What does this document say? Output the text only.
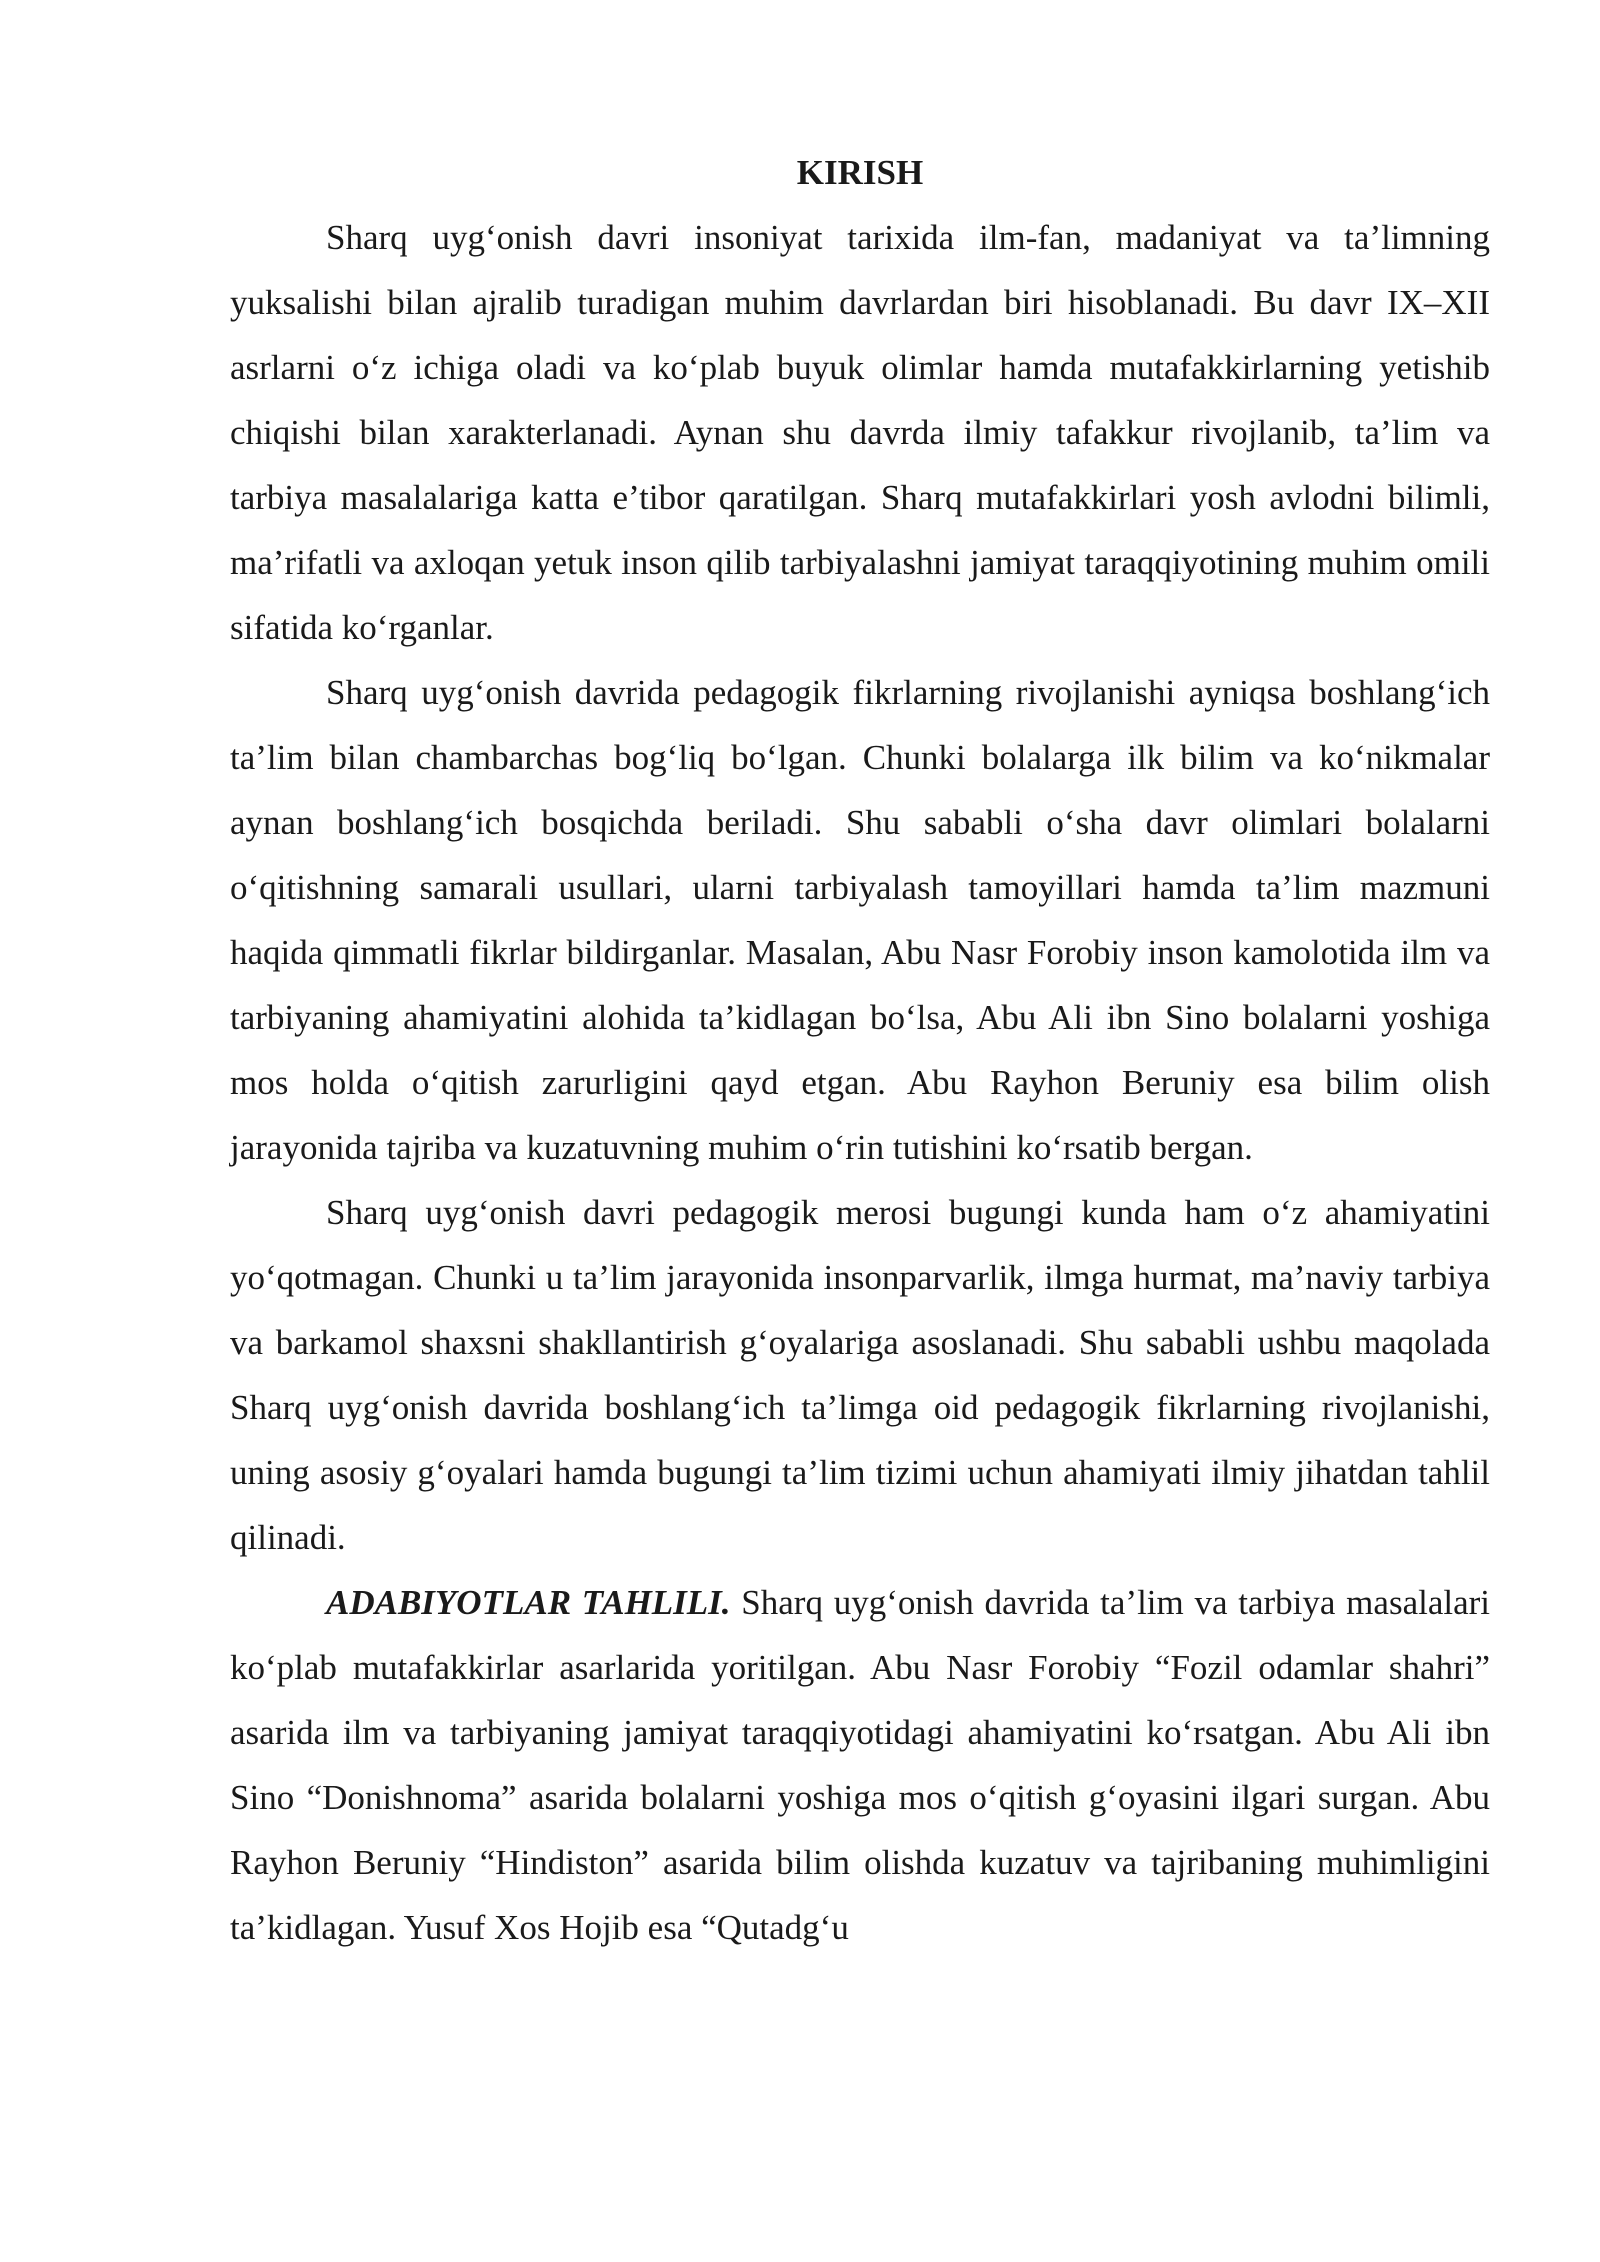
KIRISH

Sharq uyg‘onish davri insoniyat tarixida ilm-fan, madaniyat va ta’limning yuksalishi bilan ajralib turadigan muhim davrlardan biri hisoblanadi. Bu davr IX–XII asrlarni o‘z ichiga oladi va ko‘plab buyuk olimlar hamda mutafakkirlarning yetishib chiqishi bilan xarakterlanadi. Aynan shu davrda ilmiy tafakkur rivojlanib, ta’lim va tarbiya masalalariga katta e’tibor qaratilgan. Sharq mutafakkirlari yosh avlodni bilimli, ma’rifatli va axloqan yetuk inson qilib tarbiyalashni jamiyat taraqqiyotining muhim omili sifatida ko‘rganlar.

Sharq uyg‘onish davrida pedagogik fikrlarning rivojlanishi ayniqsa boshlang‘ich ta’lim bilan chambarchas bog‘liq bo‘lgan. Chunki bolalarga ilk bilim va ko‘nikmalar aynan boshlang‘ich bosqichda beriladi. Shu sababli o‘sha davr olimlari bolalarni o‘qitishning samarali usullari, ularni tarbiyalash tamoyillari hamda ta’lim mazmuni haqida qimmatli fikrlar bildirganlar. Masalan, Abu Nasr Forobiy inson kamolotida ilm va tarbiyaning ahamiyatini alohida ta’kidlagan bo‘lsa, Abu Ali ibn Sino bolalarni yoshiga mos holda o‘qitish zarurligini qayd etgan. Abu Rayhon Beruniy esa bilim olish jarayonida tajriba va kuzatuvning muhim o‘rin tutishini ko‘rsatib bergan.

Sharq uyg‘onish davri pedagogik merosi bugungi kunda ham o‘z ahamiyatini yo‘qotmagan. Chunki u ta’lim jarayonida insonparvarlik, ilmga hurmat, ma’naviy tarbiya va barkamol shaxsni shakllantirish g‘oyalariga asoslanadi. Shu sababli ushbu maqolada Sharq uyg‘onish davrida boshlang‘ich ta’limga oid pedagogik fikrlarning rivojlanishi, uning asosiy g‘oyalari hamda bugungi ta’lim tizimi uchun ahamiyati ilmiy jihatdan tahlil qilinadi.

ADABIYOTLAR TAHLILI. Sharq uyg‘onish davrida ta’lim va tarbiya masalalari ko‘plab mutafakkirlar asarlarida yoritilgan. Abu Nasr Forobiy “Fozil odamlar shahri” asarida ilm va tarbiyaning jamiyat taraqqiyotidagi ahamiyatini ko‘rsatgan. Abu Ali ibn Sino “Donishnoma” asarida bolalarni yoshiga mos o‘qitish g‘oyasini ilgari surgan. Abu Rayhon Beruniy “Hindiston” asarida bilim olishda kuzatuv va tajribaning muhimligini ta’kidlagan. Yusuf Xos Hojib esa “Qutadg‘u
